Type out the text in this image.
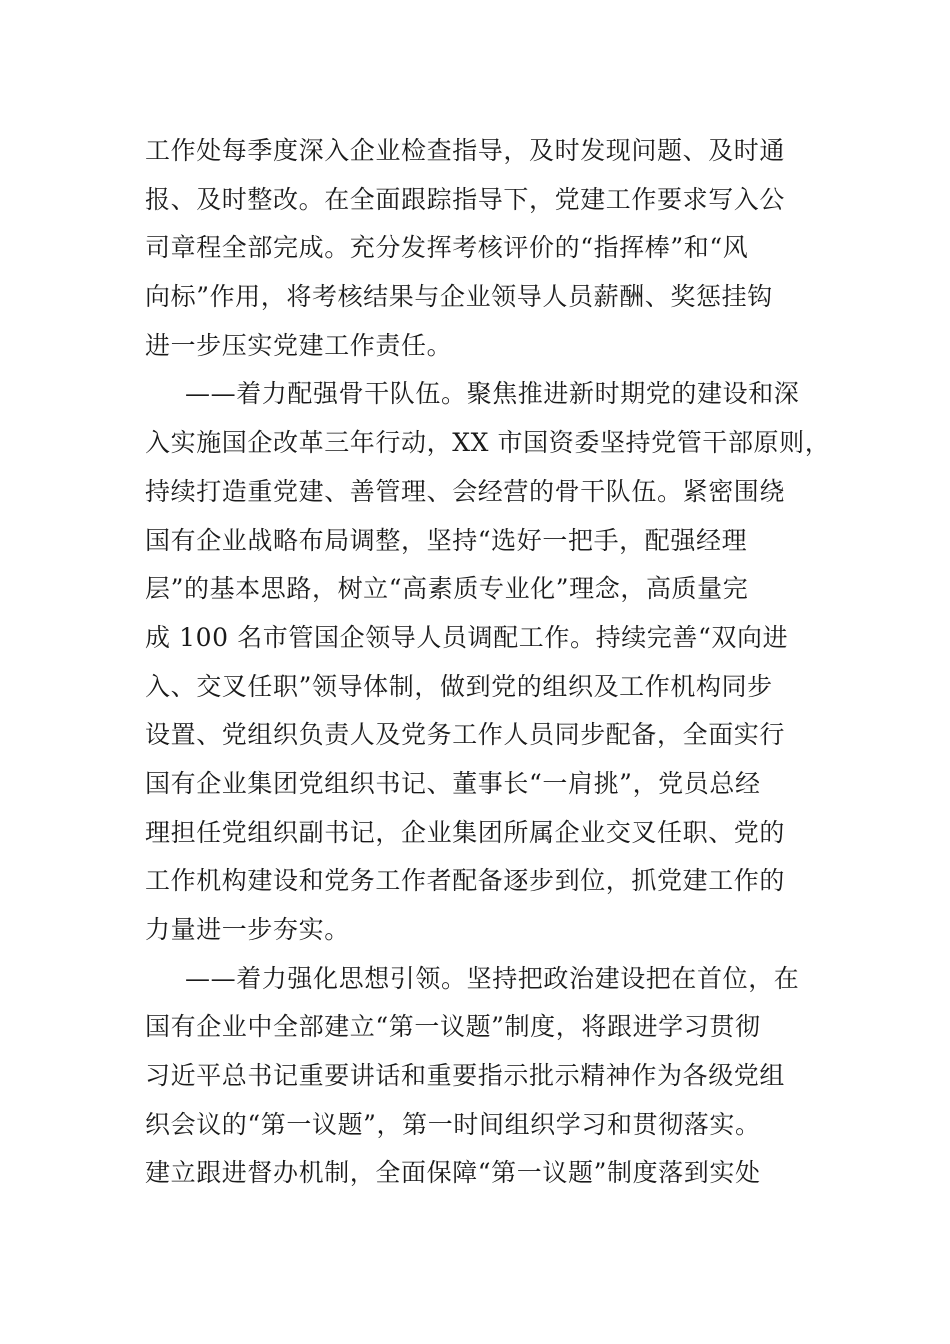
工作处每季度深入企业检查指导，及时发现问题、及时通
报、及时整改。在全面跟踪指导下，党建工作要求写入公
司章程全部完成。充分发挥考核评价的“指挥棒”和“风
向标”作用，将考核结果与企业领导人员薪酬、奖惩挂钩
进一步压实党建工作责任。
——着力配强骨干队伍。聚焦推进新时期党的建设和深
入实施国企改革三年行动，XX 市国资委坚持党管干部原则，
持续打造重党建、善管理、会经营的骨干队伍。紧密围绕
国有企业战略布局调整，坚持“选好一把手，配强经理
层”的基本思路，树立“高素质专业化”理念，高质量完
成 100 名市管国企领导人员调配工作。持续完善“双向进
入、交叉任职”领导体制，做到党的组织及工作机构同步
设置、党组织负责人及党务工作人员同步配备，全面实行
国有企业集团党组织书记、董事长“一肩挑”，党员总经
理担任党组织副书记，企业集团所属企业交叉任职、党的
工作机构建设和党务工作者配备逐步到位，抓党建工作的
力量进一步夯实。
——着力强化思想引领。坚持把政治建设把在首位，在
国有企业中全部建立“第一议题”制度，将跟进学习贯彻
习近平总书记重要讲话和重要指示批示精神作为各级党组
织会议的“第一议题”，第一时间组织学习和贯彻落实。
建立跟进督办机制，全面保障“第一议题”制度落到实处
